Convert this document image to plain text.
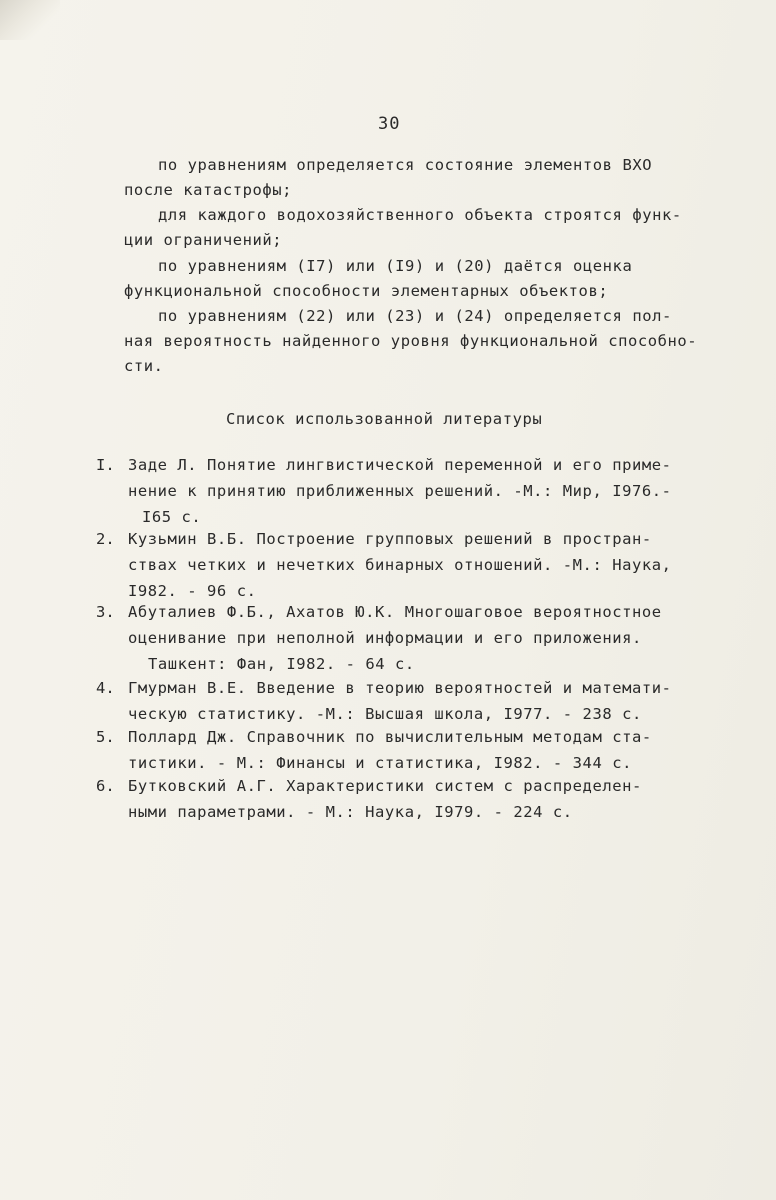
30
по уравнениям определяется состояние элементов ВХО
после катастрофы;
для каждого водохозяйственного объекта строятся функ-
ции ограничений;
по уравнениям (I7) или (I9) и (20) даётся оценка
функциональной способности элементарных объектов;
по уравнениям (22) или (23) и (24) определяется пол-
ная вероятность найденного уровня функциональной способно-
сти.
Список использованной литературы
I. Заде Л. Понятие лингвистической переменной и его приме-
нение к принятию приближенных решений. -М.: Мир, I976.-
I65 с.
2. Кузьмин В.Б. Построение групповых решений в простран-
ствах четких и нечетких бинарных отношений. -М.: Наука,
I982. - 96 с.
3. Абуталиев Ф.Б., Ахатов Ю.К. Многошаговое вероятностное
оценивание при неполной информации и его приложения.
Ташкент: Фан, I982. - 64 с.
4. Гмурман В.Е. Введение в теорию вероятностей и математи-
ческую статистику. -М.: Высшая школа, I977. - 238 с.
5. Поллард Дж. Справочник по вычислительным методам ста-
тистики. - М.: Финансы и статистика, I982. - 344 с.
6. Бутковский А.Г. Характеристики систем с распределен-
ными параметрами. - М.: Наука, I979. - 224 с.
